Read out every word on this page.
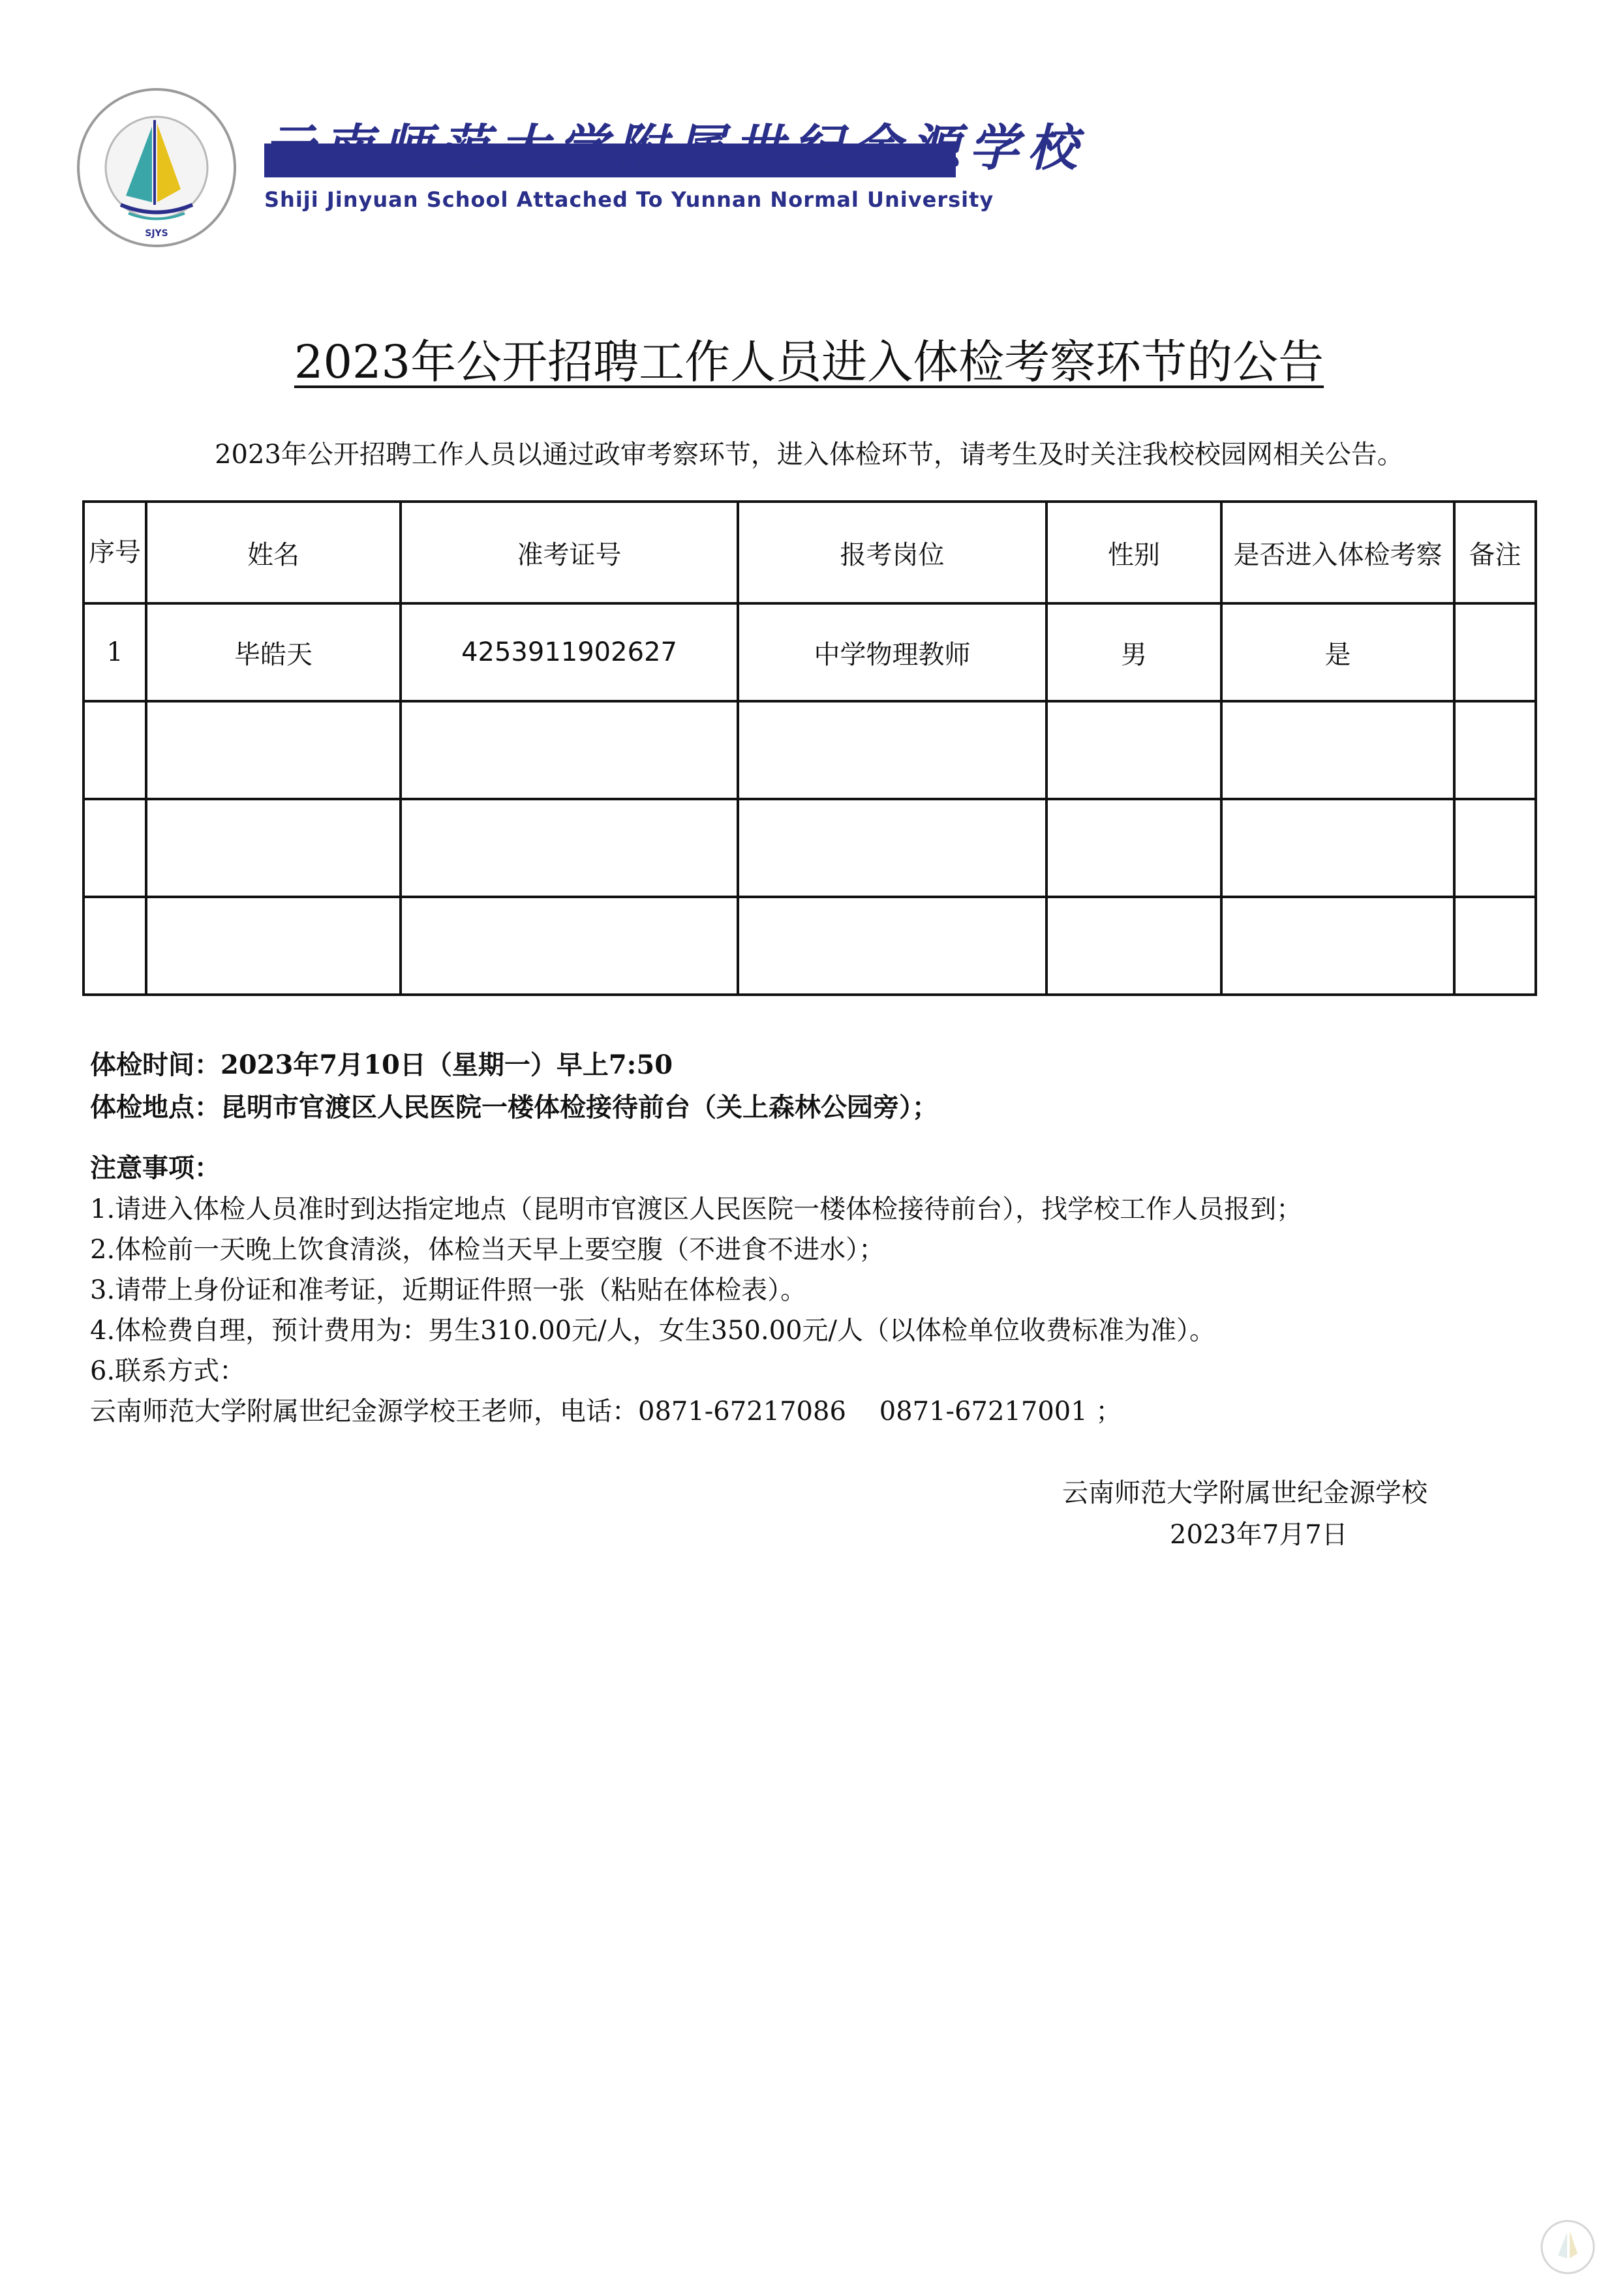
SJYS
云南师范大学附属世纪金源学校
Shiji Jinyuan School Attached To Yunnan Normal University
2023年公开招聘工作人员进入体检考察环节的公告
2023年公开招聘工作人员以通过政审考察环节，进入体检环节，请考生及时关注我校校园网相关公告。
序号	姓名	准考证号	报考岗位	性别	是否进入体检考察	备注
1	毕皓天	4253911902627	中学物理教师	男	是	

体检时间：2023年7月10日（星期一）早上7:50
体检地点：昆明市官渡区人民医院一楼体检接待前台（关上森林公园旁）；
注意事项：
1.请进入体检人员准时到达指定地点（昆明市官渡区人民医院一楼体检接待前台），找学校工作人员报到；
2.体检前一天晚上饮食清淡，体检当天早上要空腹（不进食不进水）；
3.请带上身份证和准考证，近期证件照一张（粘贴在体检表）。
4.体检费自理，预计费用为：男生310.00元/人，女生350.00元/人（以体检单位收费标准为准）。
6.联系方式：
云南师范大学附属世纪金源学校王老师，电话：0871-67217086    0871-67217001 ；
云南师范大学附属世纪金源学校
2023年7月7日
